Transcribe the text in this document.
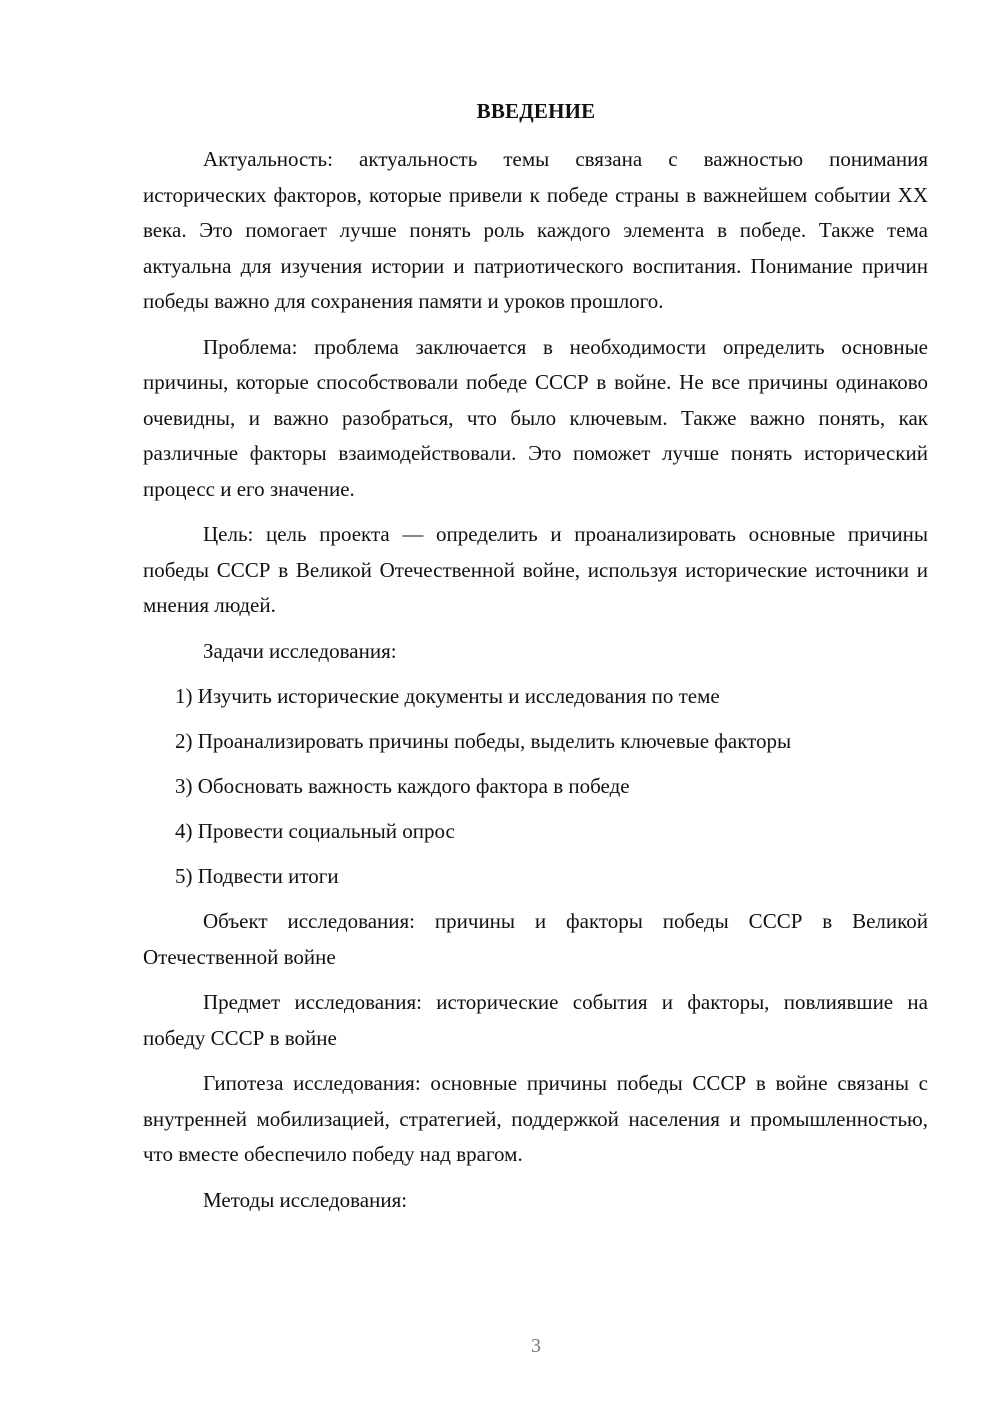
ВВЕДЕНИЕ

Актуальность: актуальность темы связана с важностью понимания исторических факторов, которые привели к победе страны в важнейшем событии XX века. Это помогает лучше понять роль каждого элемента в победе. Также тема актуальна для изучения истории и патриотического воспитания. Понимание причин победы важно для сохранения памяти и уроков прошлого.

Проблема: проблема заключается в необходимости определить основные причины, которые способствовали победе СССР в войне. Не все причины одинаково очевидны, и важно разобраться, что было ключевым. Также важно понять, как различные факторы взаимодействовали. Это поможет лучше понять исторический процесс и его значение.

Цель: цель проекта — определить и проанализировать основные причины победы СССР в Великой Отечественной войне, используя исторические источники и мнения людей.

Задачи исследования:

1) Изучить исторические документы и исследования по теме

2) Проанализировать причины победы, выделить ключевые факторы

3) Обосновать важность каждого фактора в победе

4) Провести социальный опрос

5) Подвести итоги

Объект исследования: причины и факторы победы СССР в Великой Отечественной войне

Предмет исследования: исторические события и факторы, повлиявшие на победу СССР в войне

Гипотеза исследования: основные причины победы СССР в войне связаны с внутренней мобилизацией, стратегией, поддержкой населения и промышленностью, что вместе обеспечило победу над врагом.

Методы исследования:

3
